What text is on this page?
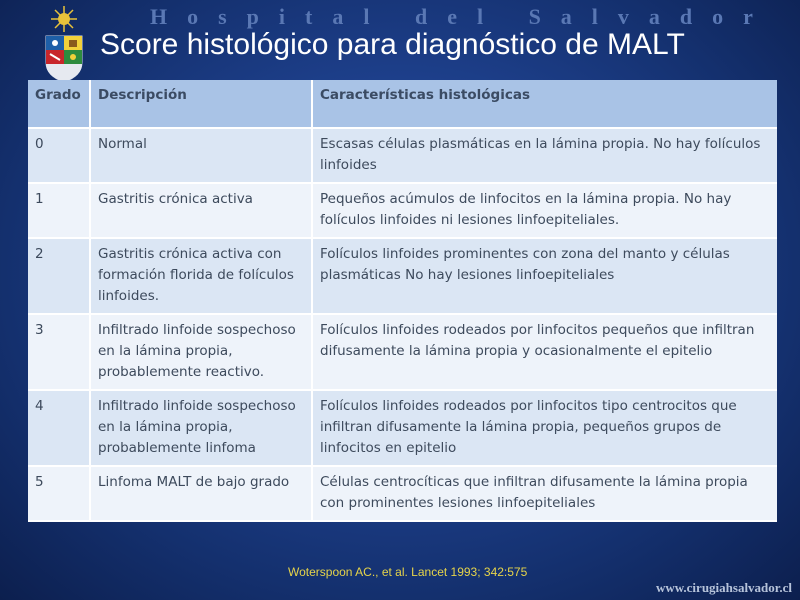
Hospital del Salvador
Score histológico para diagnóstico de MALT
Grado	Descripción	Características histológicas
0	Normal	Escasas células plasmáticas en la lámina propia. No hay folículos linfoides
1	Gastritis crónica activa	Pequeños acúmulos de linfocitos en la lámina propia. No hay folículos linfoides ni lesiones linfoepiteliales.
2	Gastritis crónica activa con formación florida de folículos linfoides.	Folículos linfoides prominentes con zona del manto y células plasmáticas No hay lesiones linfoepiteliales
3	Infiltrado linfoide sospechoso en la lámina propia, probablemente reactivo.	Folículos linfoides rodeados por linfocitos pequeños que infiltran difusamente la lámina propia y ocasionalmente el epitelio
4	Infiltrado linfoide sospechoso en la lámina propia, probablemente linfoma	Folículos linfoides rodeados por linfocitos tipo centrocitos que infiltran difusamente la lámina propia, pequeños grupos de linfocitos en epitelio
5	Linfoma MALT de bajo grado	Células centrocíticas que infiltran difusamente la lámina propia con prominentes lesiones linfoepiteliales
Woterspoon AC., et al. Lancet 1993; 342:575
www.cirugiahsalvador.cl
